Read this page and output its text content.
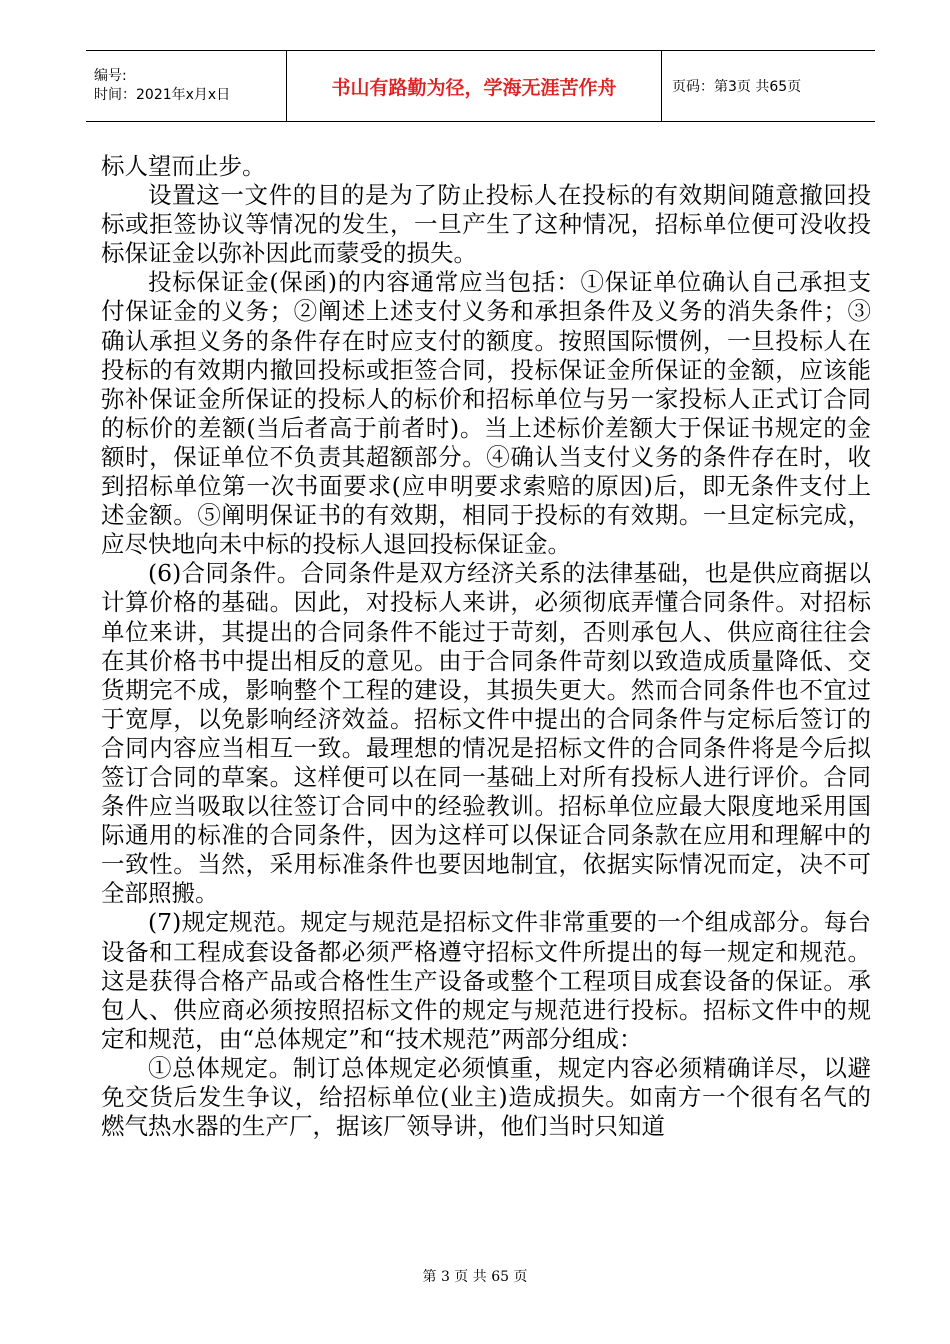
编号:
时间：2021年x月x日	书山有路勤为径，学海无涯苦作舟	页码：第3页 共65页

标人望而止步。

设置这一文件的目的是为了防止投标人在投标的有效期间随意撤回投标或拒签协议等情况的发生，一旦产生了这种情况，招标单位便可没收投标保证金以弥补因此而蒙受的损失。

投标保证金(保函)的内容通常应当包括：①保证单位确认自己承担支付保证金的义务；②阐述上述支付义务和承担条件及义务的消失条件；③确认承担义务的条件存在时应支付的额度。按照国际惯例，一旦投标人在投标的有效期内撤回投标或拒签合同，投标保证金所保证的金额，应该能弥补保证金所保证的投标人的标价和招标单位与另一家投标人正式订合同的标价的差额(当后者高于前者时)。当上述标价差额大于保证书规定的金额时，保证单位不负责其超额部分。④确认当支付义务的条件存在时，收到招标单位第一次书面要求(应申明要求索赔的原因)后，即无条件支付上述金额。⑤阐明保证书的有效期，相同于投标的有效期。一旦定标完成，应尽快地向未中标的投标人退回投标保证金。

(6)合同条件。合同条件是双方经济关系的法律基础，也是供应商据以计算价格的基础。因此，对投标人来讲，必须彻底弄懂合同条件。对招标单位来讲，其提出的合同条件不能过于苛刻，否则承包人、供应商往往会在其价格书中提出相反的意见。由于合同条件苛刻以致造成质量降低、交货期完不成，影响整个工程的建设，其损失更大。然而合同条件也不宜过于宽厚，以免影响经济效益。招标文件中提出的合同条件与定标后签订的合同内容应当相互一致。最理想的情况是招标文件的合同条件将是今后拟签订合同的草案。这样便可以在同一基础上对所有投标人进行评价。合同条件应当吸取以往签订合同中的经验教训。招标单位应最大限度地采用国际通用的标准的合同条件，因为这样可以保证合同条款在应用和理解中的一致性。当然，采用标准条件也要因地制宜，依据实际情况而定，决不可全部照搬。

(7)规定规范。规定与规范是招标文件非常重要的一个组成部分。每台设备和工程成套设备都必须严格遵守招标文件所提出的每一规定和规范。这是获得合格产品或合格性生产设备或整个工程项目成套设备的保证。承包人、供应商必须按照招标文件的规定与规范进行投标。招标文件中的规定和规范，由“总体规定”和“技术规范”两部分组成：

①总体规定。制订总体规定必须慎重，规定内容必须精确详尽，以避免交货后发生争议，给招标单位(业主)造成损失。如南方一个很有名气的燃气热水器的生产厂，据该厂领导讲，他们当时只知道

第 3 页 共 65 页
